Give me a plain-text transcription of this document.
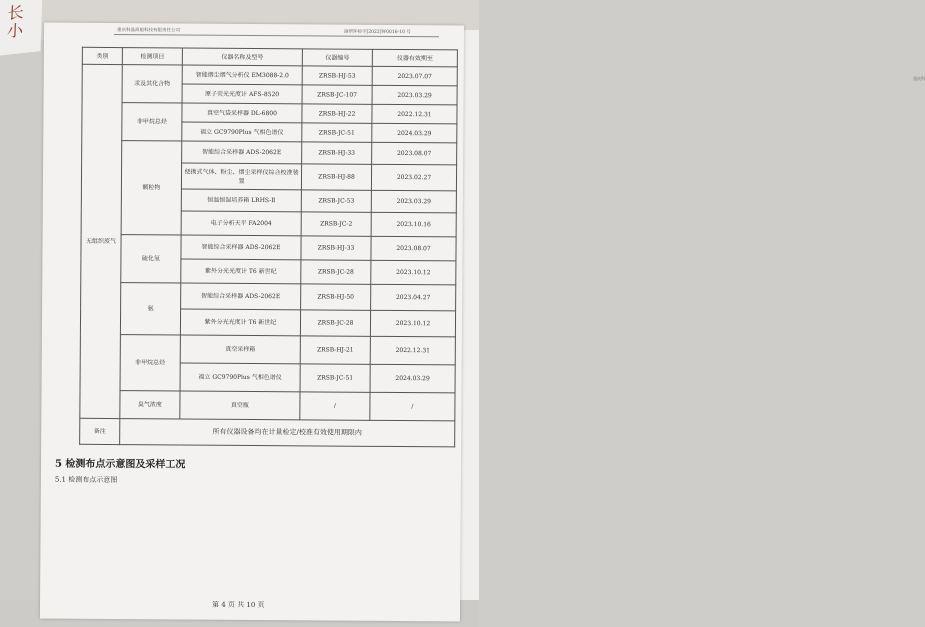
重庆科
长 小	重庆科晶商船科技有限责任公司	渝研环检字[2022]W0016-10 号
类别	检测项目	仪器名称及型号	仪器编号	仪器有效期至
无组织废气	汞及其化合物	智能烟尘烟气分析仪 EM3088-2.0	ZRSB-HJ-53	2023.07.07
		原子荧光光度计 AFS-8520	ZRSB-JC-107	2023.03.29
	非甲烷总烃	真空气袋采样器 DL-6800	ZRSB-HJ-22	2022.12.31
		福立 GC9790Plus 气相色谱仪	ZRSB-JC-51	2024.03.29
	颗粒物	智能综合采样器 ADS-2062E	ZRSB-HJ-33	2023.08.07
		便携式气体、粉尘、烟尘采样仪综合校准装置	ZRSB-HJ-88	2023.02.27
		恒温恒湿培养箱 LRHS-Ⅱ	ZRSB-JC-53	2023.03.29
		电子分析天平 FA2004	ZRSB-JC-2	2023.10.16
	硫化氢	智能综合采样器 ADS-2062E	ZRSB-HJ-33	2023.08.07
		紫外分光光度计 T6 新世纪	ZRSB-JC-28	2023.10.12
	氨	智能综合采样器 ADS-2062E	ZRSB-HJ-50	2023.04.27
		紫外分光光度计 T6 新世纪	ZRSB-JC-28	2023.10.12
	非甲烷总烃	真空采样箱	ZRSB-HJ-21	2022.12.31
		福立 GC9790Plus 气相色谱仪	ZRSB-JC-51	2024.03.29
	臭气浓度	真空瓶	/	/
备注	所有仪器设备均在计量检定/校准有效使用期限内			
5 检测布点示意图及采样工况
5.1 检测布点示意图
第 4 页 共 10 页
